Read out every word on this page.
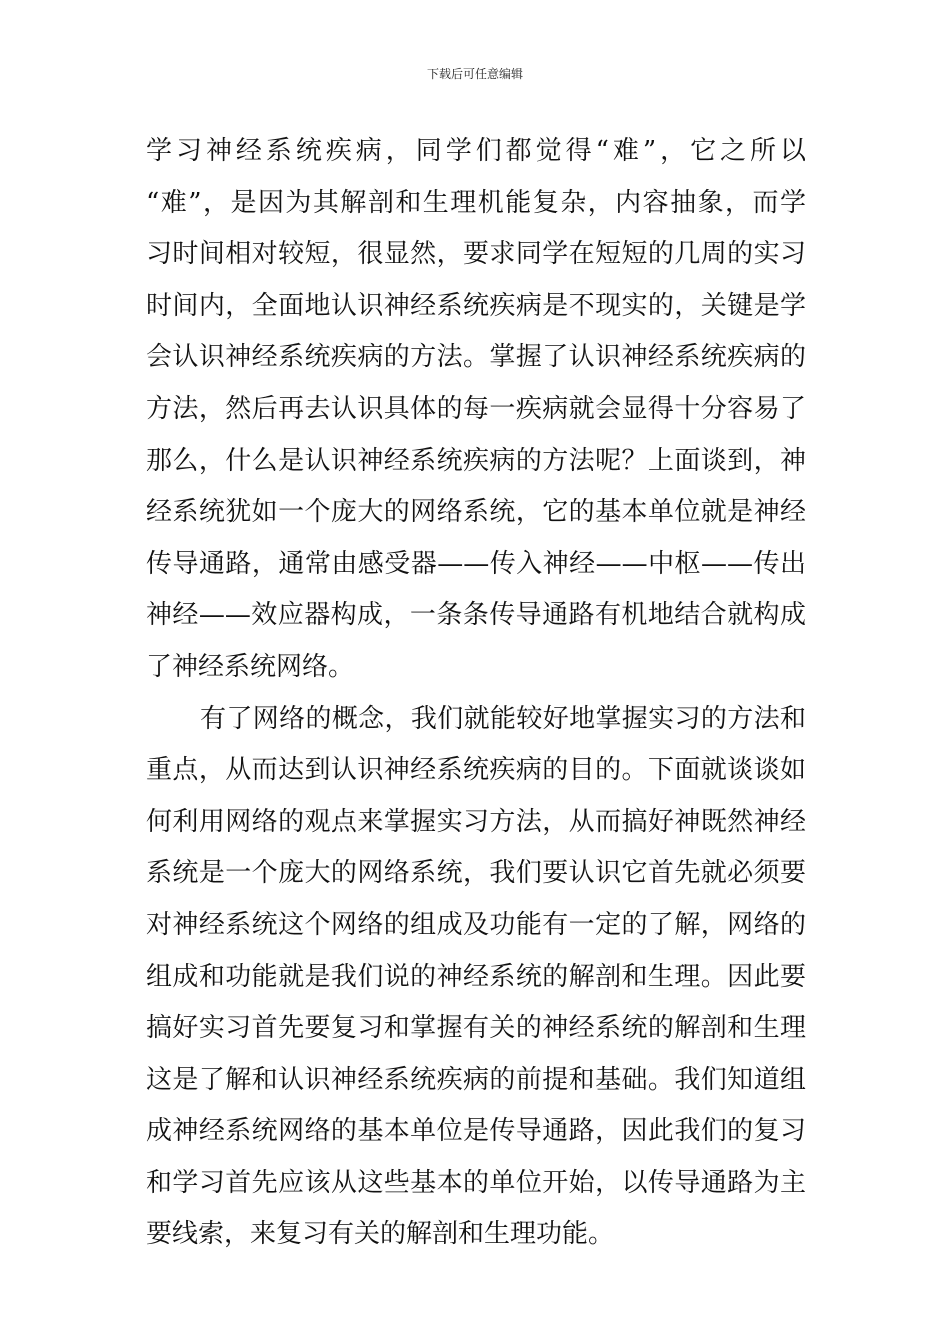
下载后可任意编辑
学习神经系统疾病，同学们都觉得“难”，它之所以
“难”，是因为其解剖和生理机能复杂，内容抽象，而学
习时间相对较短，很显然，要求同学在短短的几周的实习
时间内，全面地认识神经系统疾病是不现实的，关键是学
会认识神经系统疾病的方法。掌握了认识神经系统疾病的
方法，然后再去认识具体的每一疾病就会显得十分容易了
那么，什么是认识神经系统疾病的方法呢？上面谈到，神
经系统犹如一个庞大的网络系统，它的基本单位就是神经
传导通路，通常由感受器——传入神经——中枢——传出
神经——效应器构成，一条条传导通路有机地结合就构成
了神经系统网络。
有了网络的概念，我们就能较好地掌握实习的方法和
重点，从而达到认识神经系统疾病的目的。下面就谈谈如
何利用网络的观点来掌握实习方法，从而搞好神既然神经
系统是一个庞大的网络系统，我们要认识它首先就必须要
对神经系统这个网络的组成及功能有一定的了解，网络的
组成和功能就是我们说的神经系统的解剖和生理。因此要
搞好实习首先要复习和掌握有关的神经系统的解剖和生理
这是了解和认识神经系统疾病的前提和基础。我们知道组
成神经系统网络的基本单位是传导通路，因此我们的复习
和学习首先应该从这些基本的单位开始，以传导通路为主
要线索，来复习有关的解剖和生理功能。
